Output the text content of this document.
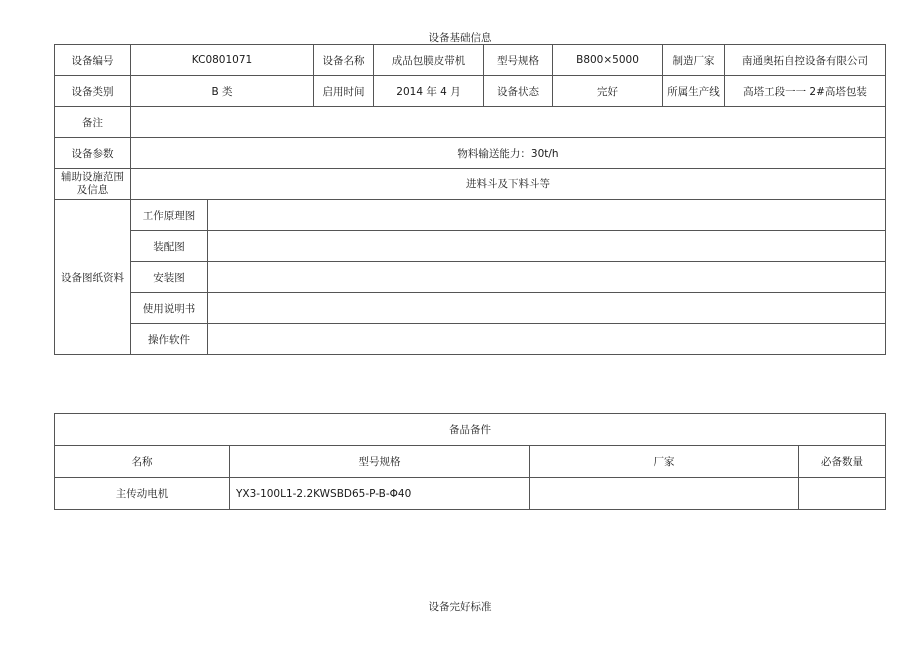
设备基础信息
设备编号	KC0801071		设备名称	成品包膜皮带机	型号规格	B800×5000	制造厂家	南通奥拓自控设备有限公司
设备类别	B 类		启用时间	2014 年 4 月	设备状态	完好	所属生产线	高塔工段一一 2#高塔包装
备注								
设备参数	物料输送能力：30t/h							
辅助设施范围及信息	进料斗及下料斗等							
设备图纸资料	工作原理图							
	装配图							
	安装图							
	使用说明书							
	操作软件							
备品备件			
名称	型号规格	厂家	必备数量
主传动电机	YX3-100L1-2.2KWSBD65-P-B-Φ40		
设备完好标准
